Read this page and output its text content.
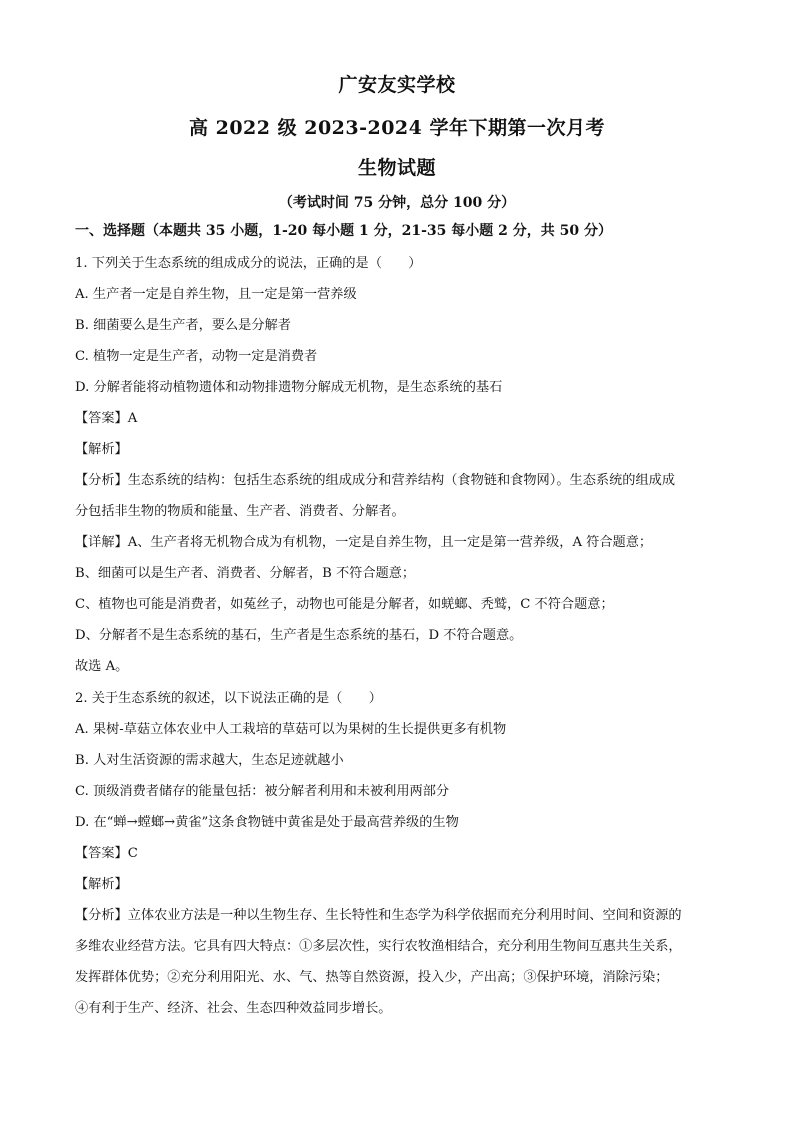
广安友实学校
高 2022 级 2023-2024 学年下期第一次月考
生物试题
（考试时间 75 分钟，总分 100 分）
一、选择题（本题共 35 小题，1-20 每小题 1 分，21-35 每小题 2 分，共 50 分）
1. 下列关于生态系统的组成成分的说法，正确的是（　　）
A. 生产者一定是自养生物，且一定是第一营养级
B. 细菌要么是生产者，要么是分解者
C. 植物一定是生产者，动物一定是消费者
D. 分解者能将动植物遗体和动物排遗物分解成无机物，是生态系统的基石
【答案】A
【解析】
【分析】生态系统的结构：包括生态系统的组成成分和营养结构（食物链和食物网）。生态系统的组成成
分包括非生物的物质和能量、生产者、消费者、分解者。
【详解】A、生产者将无机物合成为有机物，一定是自养生物，且一定是第一营养级，A 符合题意；
B、细菌可以是生产者、消费者、分解者，B 不符合题意；
C、植物也可能是消费者，如菟丝子，动物也可能是分解者，如蜣螂、秃鹫，C 不符合题意；
D、分解者不是生态系统的基石，生产者是生态系统的基石，D 不符合题意。
故选 A。
2. 关于生态系统的叙述，以下说法正确的是（　　）
A. 果树-草菇立体农业中人工栽培的草菇可以为果树的生长提供更多有机物
B. 人对生活资源的需求越大，生态足迹就越小
C. 顶级消费者储存的能量包括：被分解者利用和未被利用两部分
D. 在“蝉→螳螂→黄雀”这条食物链中黄雀是处于最高营养级的生物
【答案】C
【解析】
【分析】立体农业方法是一种以生物生存、生长特性和生态学为科学依据而充分利用时间、空间和资源的
多维农业经营方法。它具有四大特点：①多层次性，实行农牧渔相结合，充分利用生物间互惠共生关系，
发挥群体优势；②充分利用阳光、水、气、热等自然资源，投入少，产出高；③保护环境，消除污染；
④有利于生产、经济、社会、生态四种效益同步增长。
